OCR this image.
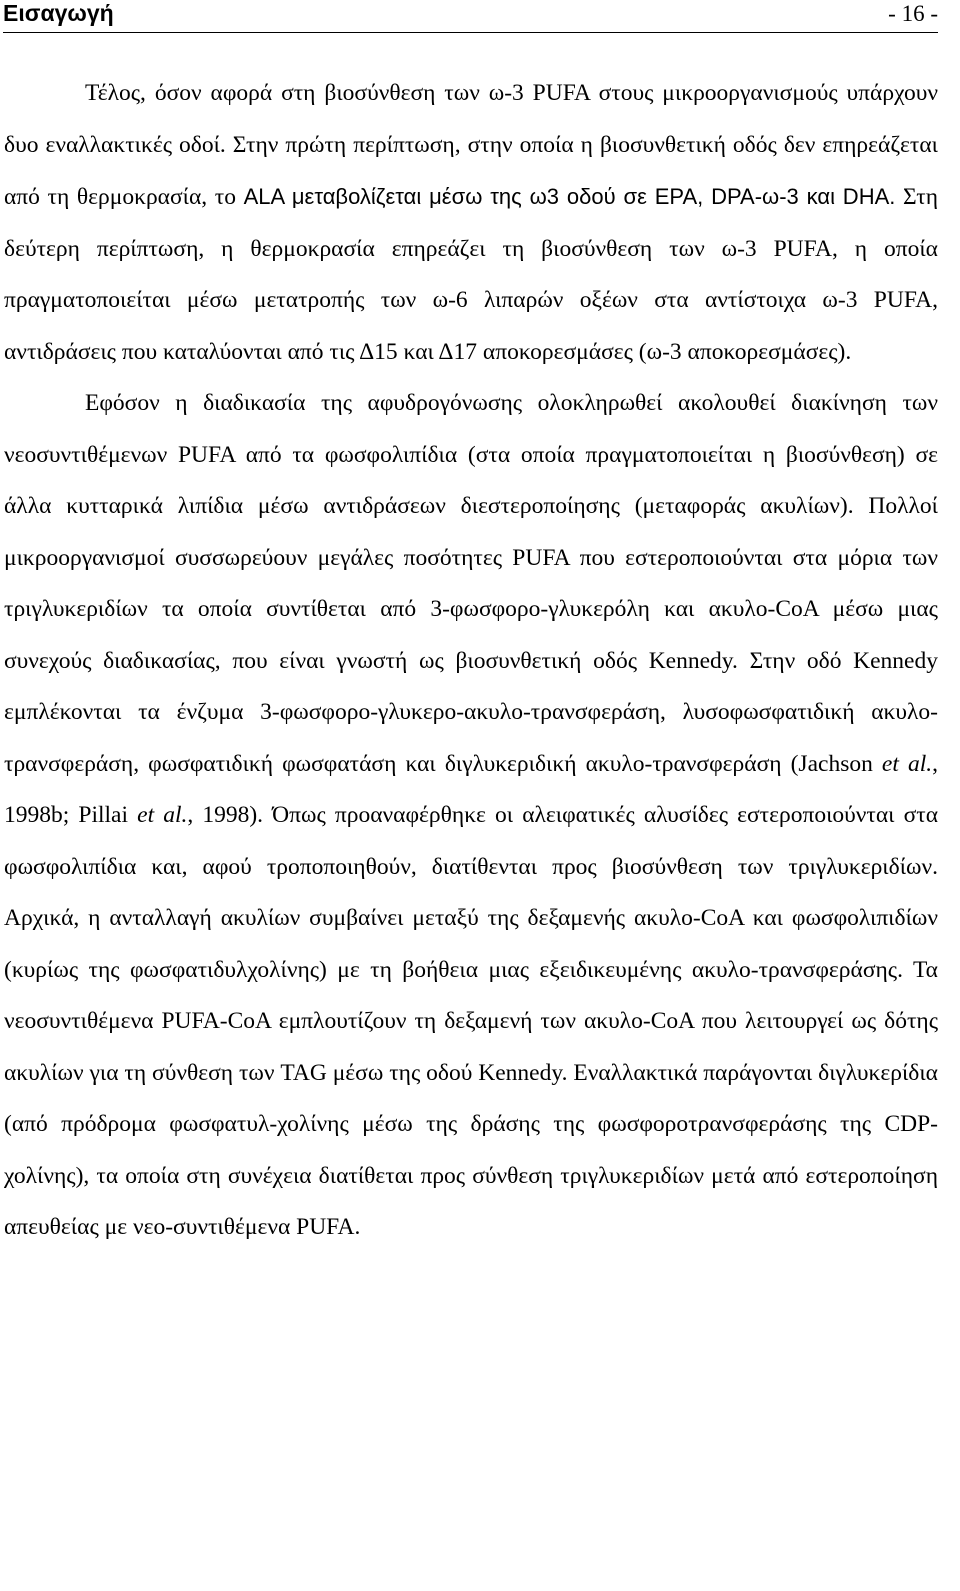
Εισαγωγή	- 16 -

Τέλος, όσον αφορά στη βιοσύνθεση των ω-3 PUFA στους μικροοργανισμούς υπάρχουν δυο εναλλακτικές οδοί. Στην πρώτη περίπτωση, στην οποία η βιοσυνθετική οδός δεν επηρεάζεται από τη θερμοκρασία, το ALA μεταβολίζεται μέσω της ω3 οδού σε EPA, DPA-ω-3 και DHA. Στη δεύτερη περίπτωση, η θερμοκρασία επηρεάζει τη βιοσύνθεση των ω-3 PUFA, η οποία πραγματοποιείται μέσω μετατροπής των ω-6 λιπαρών οξέων στα αντίστοιχα ω-3 PUFA, αντιδράσεις που καταλύονται από τις Δ15 και Δ17 αποκορεσμάσες (ω-3 αποκορεσμάσες).

Εφόσον η διαδικασία της αφυδρογόνωσης ολοκληρωθεί ακολουθεί διακίνηση των νεοσυντιθέμενων PUFA από τα φωσφολιπίδια (στα οποία πραγματοποιείται η βιοσύνθεση) σε άλλα κυτταρικά λιπίδια μέσω αντιδράσεων διεστεροποίησης (μεταφοράς ακυλίων). Πολλοί μικροοργανισμοί συσσωρεύουν μεγάλες ποσότητες PUFA που εστεροποιούνται στα μόρια των τριγλυκεριδίων τα οποία συντίθεται από 3-φωσφορο-γλυκερόλη και ακυλο-CoA μέσω μιας συνεχούς διαδικασίας, που είναι γνωστή ως βιοσυνθετική οδός Kennedy. Στην οδό Kennedy εμπλέκονται τα ένζυμα 3-φωσφορο-γλυκερο-ακυλο-τρανσφεράση, λυσοφωσφατιδική ακυλο-τρανσφεράση, φωσφατιδική φωσφατάση και διγλυκεριδική ακυλο-τρανσφεράση (Jachson et al., 1998b; Pillai et al., 1998). Όπως προαναφέρθηκε οι αλειφατικές αλυσίδες εστεροποιούνται στα φωσφολιπίδια και, αφού τροποποιηθούν, διατίθενται προς βιοσύνθεση των τριγλυκεριδίων. Αρχικά, η ανταλλαγή ακυλίων συμβαίνει μεταξύ της δεξαμενής ακυλο-CoA και φωσφολιπιδίων (κυρίως της φωσφατιδυλχολίνης) με τη βοήθεια μιας εξειδικευμένης ακυλο-τρανσφεράσης. Τα νεοσυντιθέμενα PUFA-CoA εμπλουτίζουν τη δεξαμενή των ακυλο-CoA που λειτουργεί ως δότης ακυλίων για τη σύνθεση των TAG μέσω της οδού Kennedy. Εναλλακτικά παράγονται διγλυκερίδια (από πρόδρομα φωσφατυλ-χολίνης μέσω της δράσης της φωσφοροτρανσφεράσης της CDP-χολίνης), τα οποία στη συνέχεια διατίθεται προς σύνθεση τριγλυκεριδίων μετά από εστεροποίηση απευθείας με νεο-συντιθέμενα PUFA.
